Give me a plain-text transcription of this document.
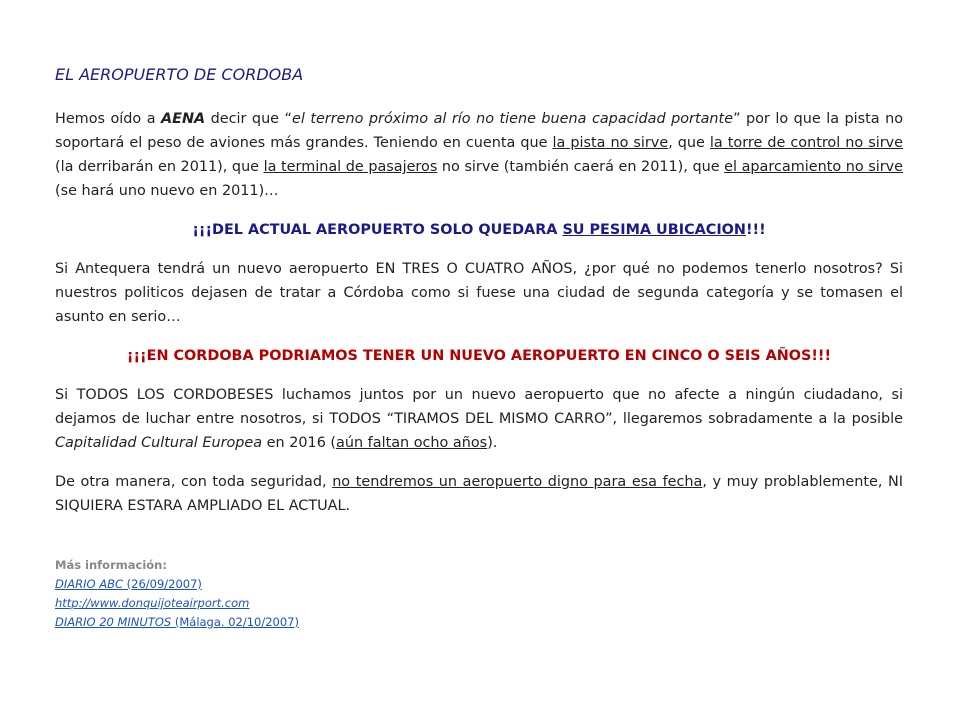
EL AEROPUERTO DE CORDOBA

Hemos oído a AENA decir que “el terreno próximo al río no tiene buena capacidad portante” por lo que la pista no soportará el peso de aviones más grandes. Teniendo en cuenta que la pista no sirve, que la torre de control no sirve (la derribarán en 2011), que la terminal de pasajeros no sirve (también caerá en 2011), que el aparcamiento no sirve (se hará uno nuevo en 2011)…

¡¡¡DEL ACTUAL AEROPUERTO SOLO QUEDARA SU PESIMA UBICACION!!!

Si Antequera tendrá un nuevo aeropuerto EN TRES O CUATRO AÑOS, ¿por qué no podemos tenerlo nosotros? Si nuestros politicos dejasen de tratar a Córdoba como si fuese una ciudad de segunda categoría y se tomasen el asunto en serio…

¡¡¡EN CORDOBA PODRIAMOS TENER UN NUEVO AEROPUERTO EN CINCO O SEIS AÑOS!!!

Si TODOS LOS CORDOBESES luchamos juntos por un nuevo aeropuerto que no afecte a ningún ciudadano, si dejamos de luchar entre nosotros, si TODOS “TIRAMOS DEL MISMO CARRO”, llegaremos sobradamente a la posible Capitalidad Cultural Europea en 2016 (aún faltan ocho años).

De otra manera, con toda seguridad, no tendremos un aeropuerto digno para esa fecha, y muy problablemente, NI SIQUIERA ESTARA AMPLIADO EL ACTUAL.

Más información:
DIARIO ABC (26/09/2007)
http://www.donquijoteairport.com
DIARIO 20 MINUTOS (Málaga. 02/10/2007)
